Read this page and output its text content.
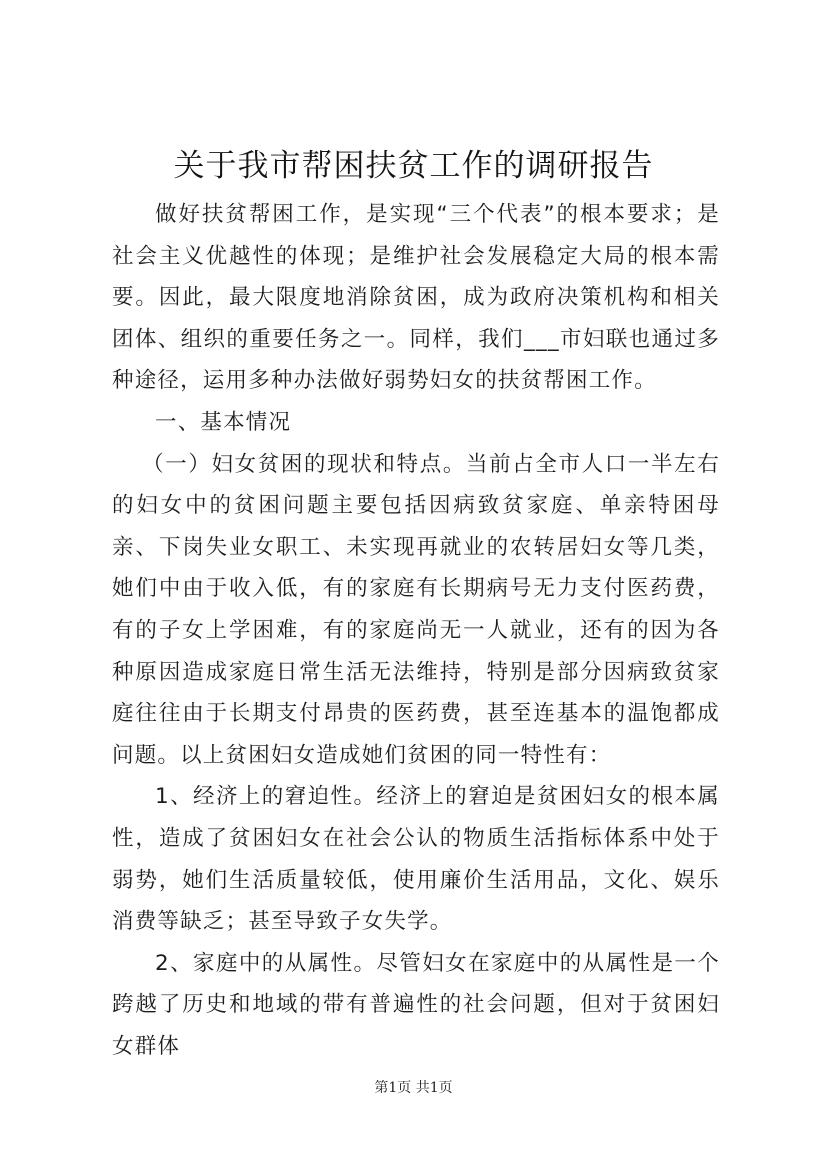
关于我市帮困扶贫工作的调研报告

做好扶贫帮困工作，是实现“三个代表”的根本要求；是社会主义优越性的体现；是维护社会发展稳定大局的根本需要。因此，最大限度地消除贫困，成为政府决策机构和相关团体、组织的重要任务之一。同样，我们___市妇联也通过多种途径，运用多种办法做好弱势妇女的扶贫帮困工作。

一、基本情况

（一）妇女贫困的现状和特点。当前占全市人口一半左右的妇女中的贫困问题主要包括因病致贫家庭、单亲特困母亲、下岗失业女职工、未实现再就业的农转居妇女等几类，她们中由于收入低，有的家庭有长期病号无力支付医药费，有的子女上学困难，有的家庭尚无一人就业，还有的因为各种原因造成家庭日常生活无法维持，特别是部分因病致贫家庭往往由于长期支付昂贵的医药费，甚至连基本的温饱都成问题。以上贫困妇女造成她们贫困的同一特性有：

1、经济上的窘迫性。经济上的窘迫是贫困妇女的根本属性，造成了贫困妇女在社会公认的物质生活指标体系中处于弱势，她们生活质量较低，使用廉价生活用品，文化、娱乐消费等缺乏；甚至导致子女失学。

2、家庭中的从属性。尽管妇女在家庭中的从属性是一个跨越了历史和地域的带有普遍性的社会问题，但对于贫困妇女群体

第1页 共1页
